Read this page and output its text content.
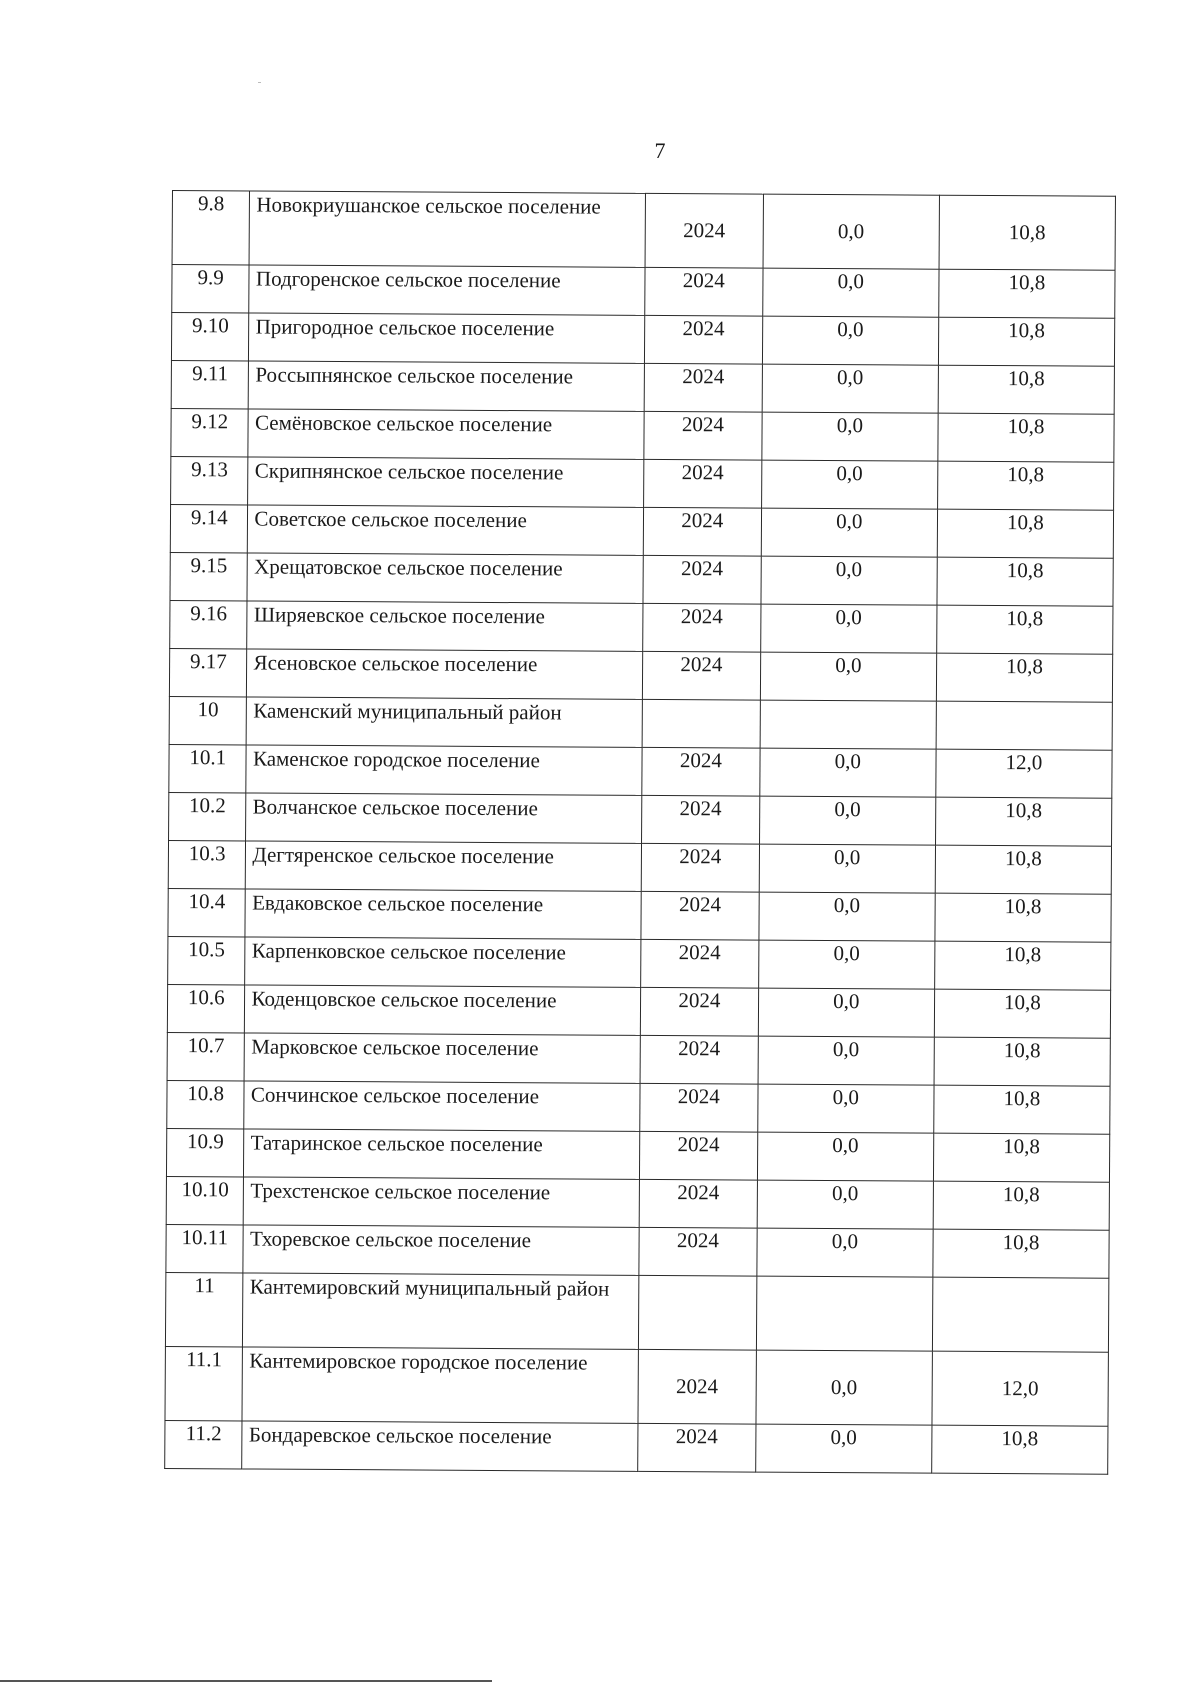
7
9.8	Новокриушанское сельское поселение	2024	0,0	10,8
9.9	Подгоренское сельское поселение	2024	0,0	10,8
9.10	Пригородное сельское поселение	2024	0,0	10,8
9.11	Россыпнянское сельское поселение	2024	0,0	10,8
9.12	Семёновское сельское поселение	2024	0,0	10,8
9.13	Скрипнянское сельское поселение	2024	0,0	10,8
9.14	Советское сельское поселение	2024	0,0	10,8
9.15	Хрещатовское сельское поселение	2024	0,0	10,8
9.16	Ширяевское сельское поселение	2024	0,0	10,8
9.17	Ясеновское сельское поселение	2024	0,0	10,8
10	Каменский муниципальный район			
10.1	Каменское городское поселение	2024	0,0	12,0
10.2	Волчанское сельское поселение	2024	0,0	10,8
10.3	Дегтяренское сельское поселение	2024	0,0	10,8
10.4	Евдаковское сельское поселение	2024	0,0	10,8
10.5	Карпенковское сельское поселение	2024	0,0	10,8
10.6	Коденцовское сельское поселение	2024	0,0	10,8
10.7	Марковское сельское поселение	2024	0,0	10,8
10.8	Сончинское сельское поселение	2024	0,0	10,8
10.9	Татаринское сельское поселение	2024	0,0	10,8
10.10	Трехстенское сельское поселение	2024	0,0	10,8
10.11	Тхоревское сельское поселение	2024	0,0	10,8
11	Кантемировский муниципальный район			
11.1	Кантемировское городское поселение	2024	0,0	12,0
11.2	Бондаревское сельское поселение	2024	0,0	10,8
